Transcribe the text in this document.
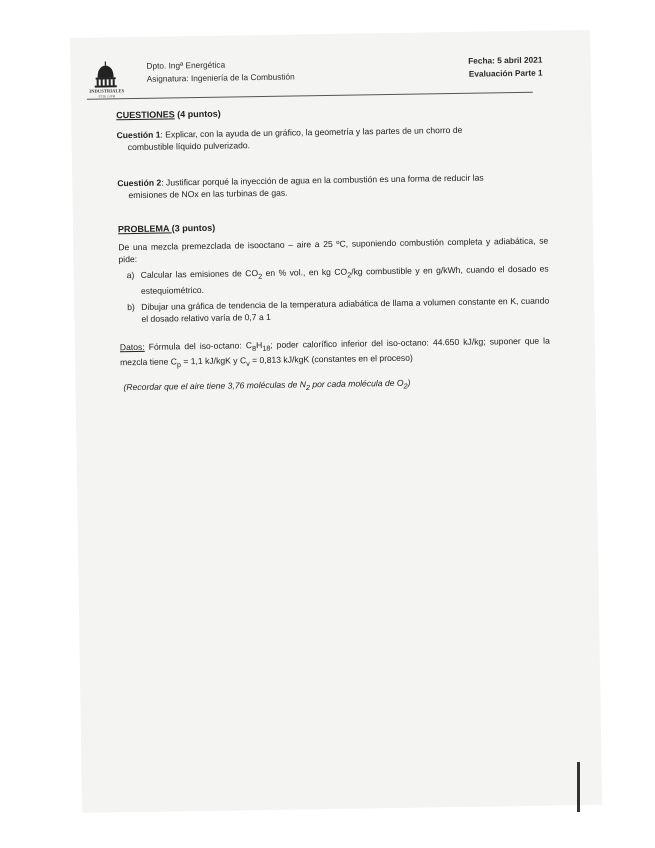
INDUSTRIALES
ETSII | UPM
Dpto. Ingª Energética
Asignatura: Ingeniería de la Combustión
Fecha: 5 abril 2021
Evaluación Parte 1

CUESTIONES (4 puntos)

Cuestión 1: Explicar, con la ayuda de un gráfico, la geometría y las partes de un chorro de
combustible líquido pulverizado.

Cuestión 2: Justificar porqué la inyección de agua en la combustión es una forma de reducir las
emisiones de NOx en las turbinas de gas.

PROBLEMA (3 puntos)

De una mezcla premezclada de isooctano – aire a 25 ºC, suponiendo combustión completa y adiabática, se pide:

a) Calcular las emisiones de $CO_2$ en % vol., en kg $CO_2/kg$ combustible y en g/kWh, cuando el dosado es estequiométrico.
b) Dibujar una gráfica de tendencia de la temperatura adiabática de llama a volumen constante en K, cuando el dosado relativo varía de 0,7 a 1

Datos: Fórmula del iso-octano: $C_8H_{18}$; poder calorífico inferior del iso-octano: 44.650 kJ/kg; suponer que la mezcla tiene $C_p = 1,1$ kJ/kgK y $C_v = 0,813$ kJ/kgK (constantes en el proceso)

(Recordar que el aire tiene 3,76 moléculas de $N_2$ por cada molécula de $O_2$)
